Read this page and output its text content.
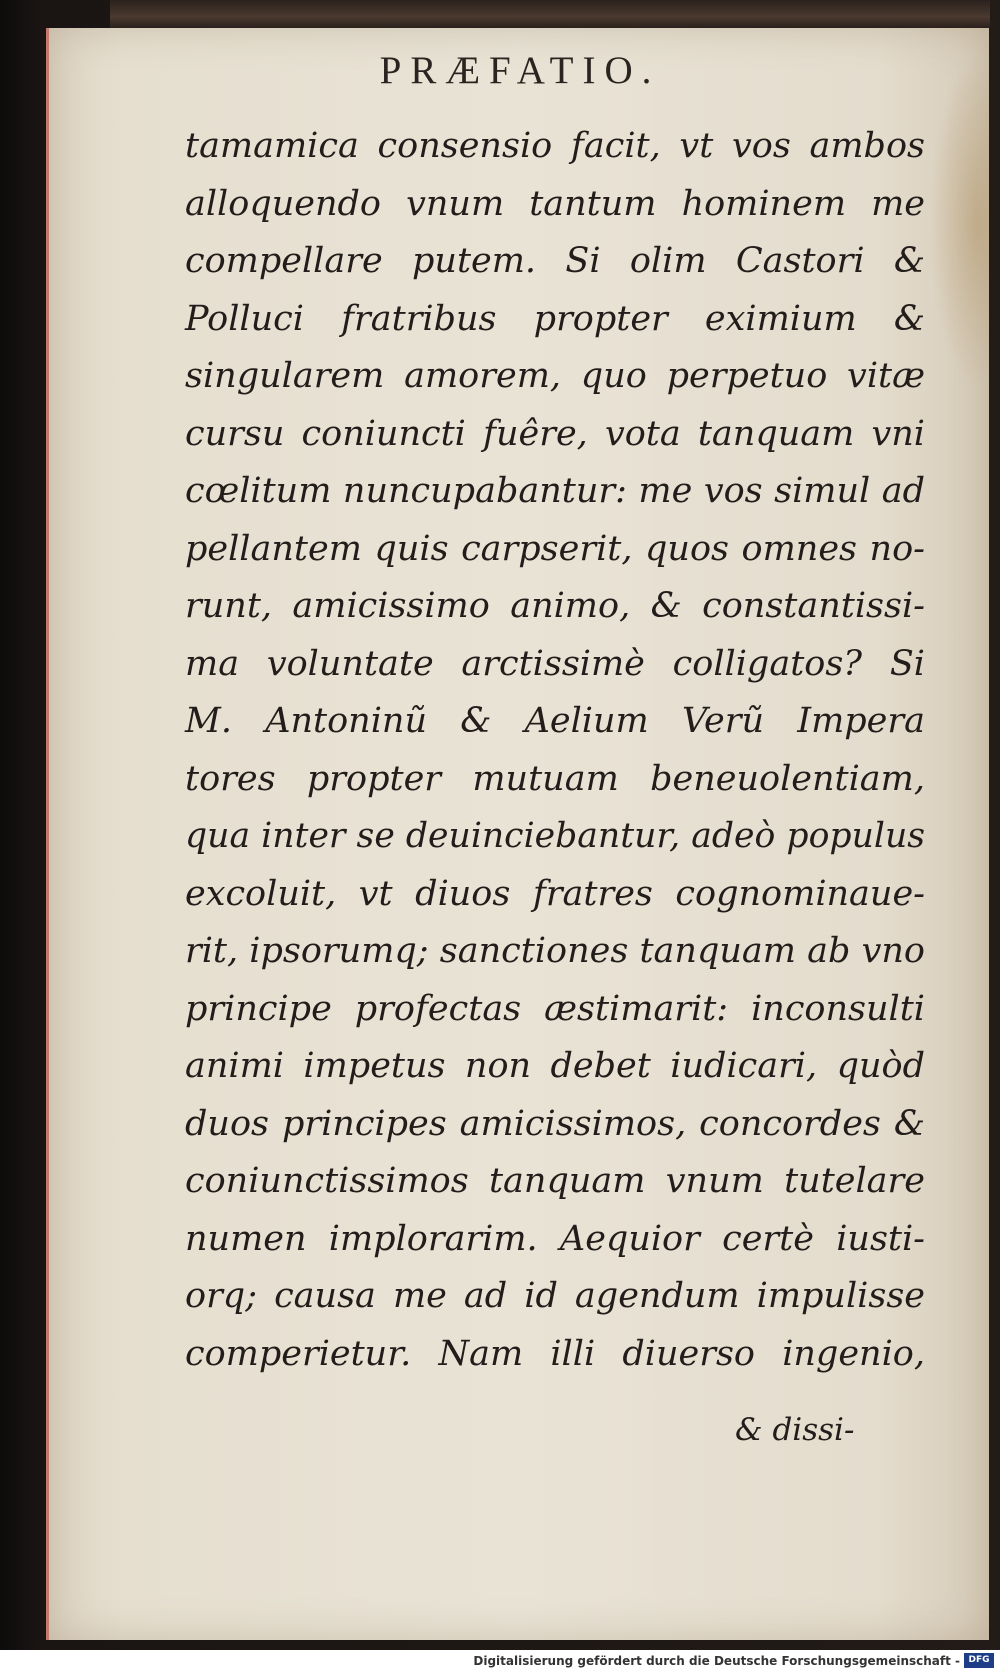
PRÆFATIO.
tamamica consensio facit, vt vos ambos
alloquendo vnum tantum hominem me
compellare putem. Si olim Castori &
Polluci fratribus propter eximium &
singularem amorem, quo perpetuo vitæ
cursu coniuncti fuêre, vota tanquam vni
cœlitum nuncupabantur: me vos simul ad
pellantem quis carpserit, quos omnes no-
runt, amicissimo animo, & constantissi-
ma voluntate arctissimè colligatos? Si
M. Antoninũ & Aelium Verũ Impera
tores propter mutuam beneuolentiam,
qua inter se deuinciebantur, adeò populus
excoluit, vt diuos fratres cognominaue-
rit, ipsorumq; sanctiones tanquam ab vno
principe profectas æstimarit: inconsulti
animi impetus non debet iudicari, quòd
duos principes amicissimos, concordes &
coniunctissimos tanquam vnum tutelare
numen implorarim. Aequior certè iusti-
orq; causa me ad id agendum impulisse
comperietur. Nam illi diuerso ingenio,
& dissi-
Digitalisierung gefördert durch die Deutsche Forschungsgemeinschaft - DFG
